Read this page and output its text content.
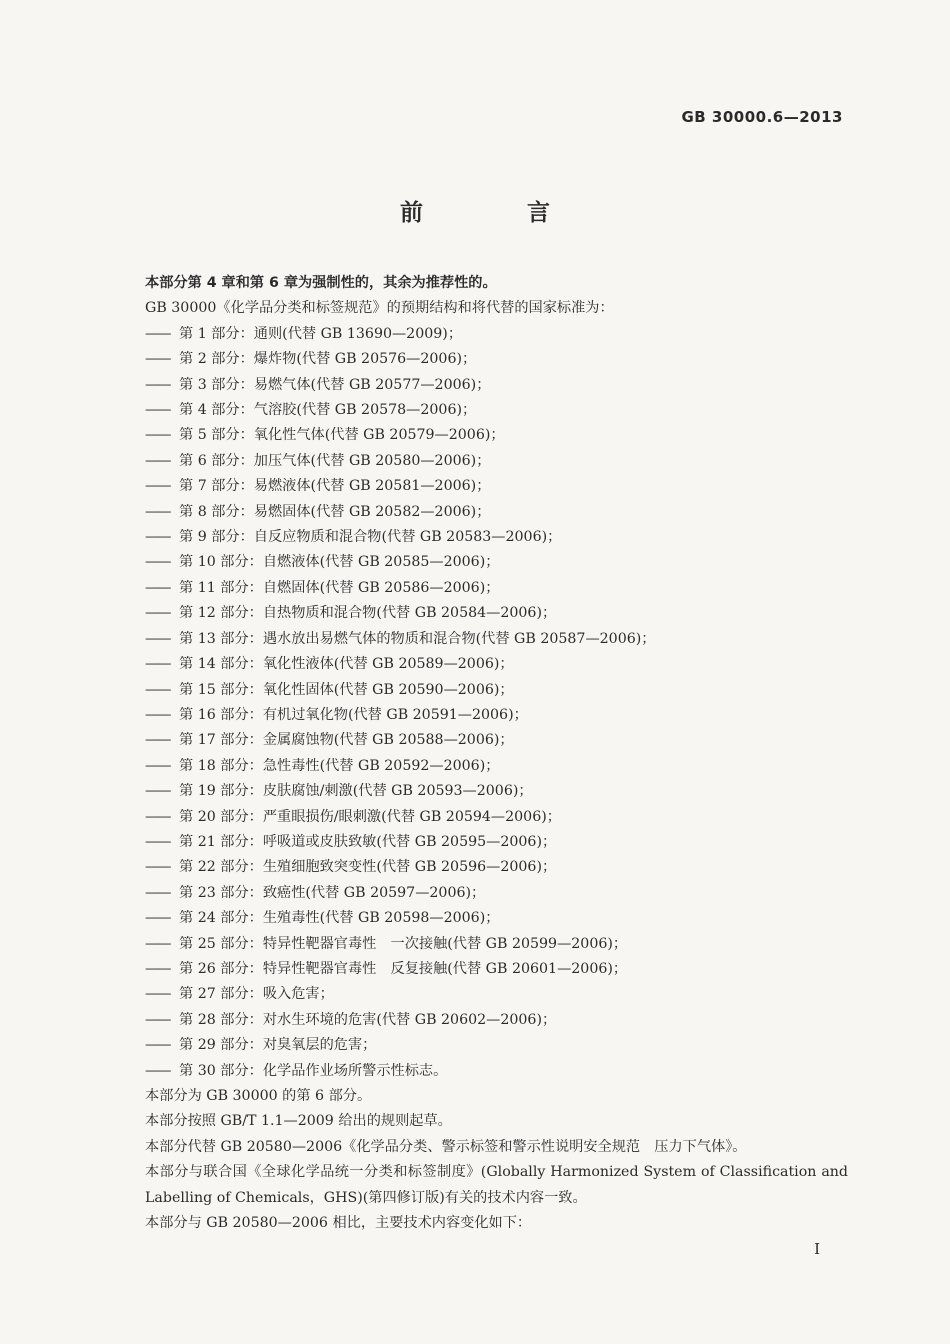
GB 30000.6—2013
前 言
本部分第 4 章和第 6 章为强制性的，其余为推荐性的。
GB 30000《化学品分类和标签规范》的预期结构和将代替的国家标准为：
—— 第 1 部分：通则(代替 GB 13690—2009)；
—— 第 2 部分：爆炸物(代替 GB 20576—2006)；
—— 第 3 部分：易燃气体(代替 GB 20577—2006)；
—— 第 4 部分：气溶胶(代替 GB 20578—2006)；
—— 第 5 部分：氧化性气体(代替 GB 20579—2006)；
—— 第 6 部分：加压气体(代替 GB 20580—2006)；
—— 第 7 部分：易燃液体(代替 GB 20581—2006)；
—— 第 8 部分：易燃固体(代替 GB 20582—2006)；
—— 第 9 部分：自反应物质和混合物(代替 GB 20583—2006)；
—— 第 10 部分：自燃液体(代替 GB 20585—2006)；
—— 第 11 部分：自燃固体(代替 GB 20586—2006)；
—— 第 12 部分：自热物质和混合物(代替 GB 20584—2006)；
—— 第 13 部分：遇水放出易燃气体的物质和混合物(代替 GB 20587—2006)；
—— 第 14 部分：氧化性液体(代替 GB 20589—2006)；
—— 第 15 部分：氧化性固体(代替 GB 20590—2006)；
—— 第 16 部分：有机过氧化物(代替 GB 20591—2006)；
—— 第 17 部分：金属腐蚀物(代替 GB 20588—2006)；
—— 第 18 部分：急性毒性(代替 GB 20592—2006)；
—— 第 19 部分：皮肤腐蚀/刺激(代替 GB 20593—2006)；
—— 第 20 部分：严重眼损伤/眼刺激(代替 GB 20594—2006)；
—— 第 21 部分：呼吸道或皮肤致敏(代替 GB 20595—2006)；
—— 第 22 部分：生殖细胞致突变性(代替 GB 20596—2006)；
—— 第 23 部分：致癌性(代替 GB 20597—2006)；
—— 第 24 部分：生殖毒性(代替 GB 20598—2006)；
—— 第 25 部分：特异性靶器官毒性　一次接触(代替 GB 20599—2006)；
—— 第 26 部分：特异性靶器官毒性　反复接触(代替 GB 20601—2006)；
—— 第 27 部分：吸入危害；
—— 第 28 部分：对水生环境的危害(代替 GB 20602—2006)；
—— 第 29 部分：对臭氧层的危害；
—— 第 30 部分：化学品作业场所警示性标志。
本部分为 GB 30000 的第 6 部分。
本部分按照 GB/T 1.1—2009 给出的规则起草。
本部分代替 GB 20580—2006《化学品分类、警示标签和警示性说明安全规范　压力下气体》。
本部分与联合国《全球化学品统一分类和标签制度》(Globally Harmonized System of Classification and Labelling of Chemicals，GHS)(第四修订版)有关的技术内容一致。
本部分与 GB 20580—2006 相比，主要技术内容变化如下：
I
